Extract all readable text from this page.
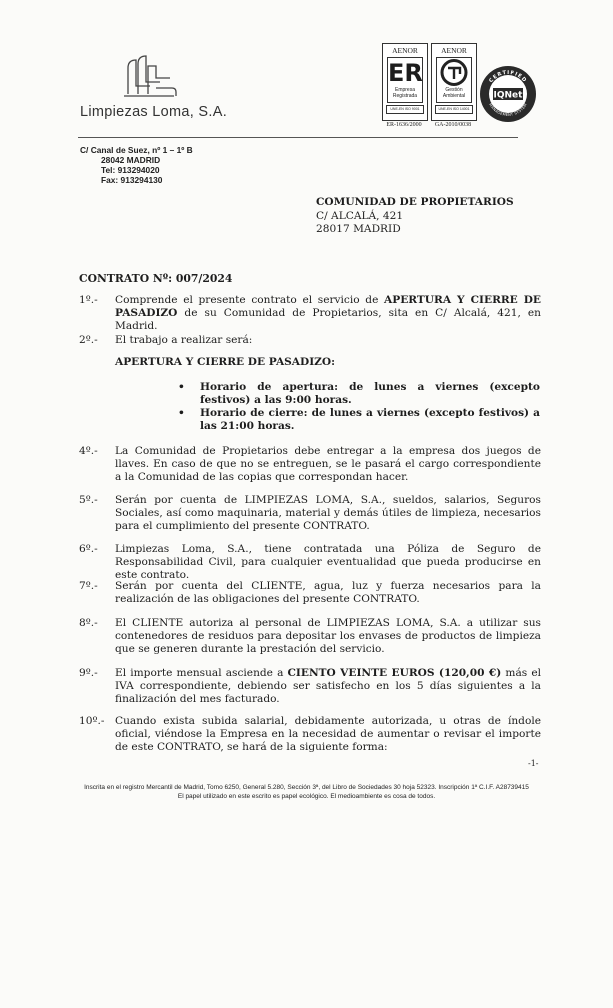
Limpiezas Loma, S.A.
AENOR
ER
Empresa
Registrada
UNE-EN ISO 9001
ER-1636/2000
AENOR
Gestión
Ambiental
UNE-EN ISO 14001
GA-2010/0038
CERTIFIED
MANAGEMENT SYSTEM
IQNet
C/ Canal de Suez, nº 1 – 1º B
28042 MADRID
Tel: 913294020
Fax: 913294130
COMUNIDAD DE PROPIETARIOS
C/ ALCALÁ, 421
28017 MADRID
CONTRATO Nº: 007/2024
1º.-	Comprende el presente contrato el servicio de APERTURA Y CIERRE DE PASADIZO de su Comunidad de Propietarios, sita en C/ Alcalá, 421, en Madrid.
2º.-	El trabajo a realizar será:
APERTURA Y CIERRE DE PASADIZO:
• Horario de apertura: de lunes a viernes (excepto festivos) a las 9:00 horas.
• Horario de cierre: de lunes a viernes (excepto festivos) a las 21:00 horas.
4º.-	La Comunidad de Propietarios debe entregar a la empresa dos juegos de llaves. En caso de que no se entreguen, se le pasará el cargo correspondiente a la Comunidad de las copias que correspondan hacer.
5º.-	Serán por cuenta de LIMPIEZAS LOMA, S.A., sueldos, salarios, Seguros Sociales, así como maquinaria, material y demás útiles de limpieza, necesarios para el cumplimiento del presente CONTRATO.
6º.-	Limpiezas Loma, S.A., tiene contratada una Póliza de Seguro de Responsabilidad Civil, para cualquier eventualidad que pueda producirse en este contrato.
7º.-	Serán por cuenta del CLIENTE, agua, luz y fuerza necesarios para la realización de las obligaciones del presente CONTRATO.
8º.-	El CLIENTE autoriza al personal de LIMPIEZAS LOMA, S.A. a utilizar sus contenedores de residuos para depositar los envases de productos de limpieza que se generen durante la prestación del servicio.
9º.-	El importe mensual asciende a CIENTO VEINTE EUROS (120,00 €) más el IVA correspondiente, debiendo ser satisfecho en los 5 días siguientes a la finalización del mes facturado.
10º.- Cuando exista subida salarial, debidamente autorizada, u otras de índole oficial, viéndose la Empresa en la necesidad de aumentar o revisar el importe de este CONTRATO, se hará de la siguiente forma:
-1-
Inscrita en el registro Mercantil de Madrid, Tomo 6250, General 5.280, Sección 3ª, del Libro de Sociedades 30 hoja 52323. Inscripción 1ª C.I.F. A28739415
El papel utilizado en este escrito es papel ecológico. El medioambiente es cosa de todos.
